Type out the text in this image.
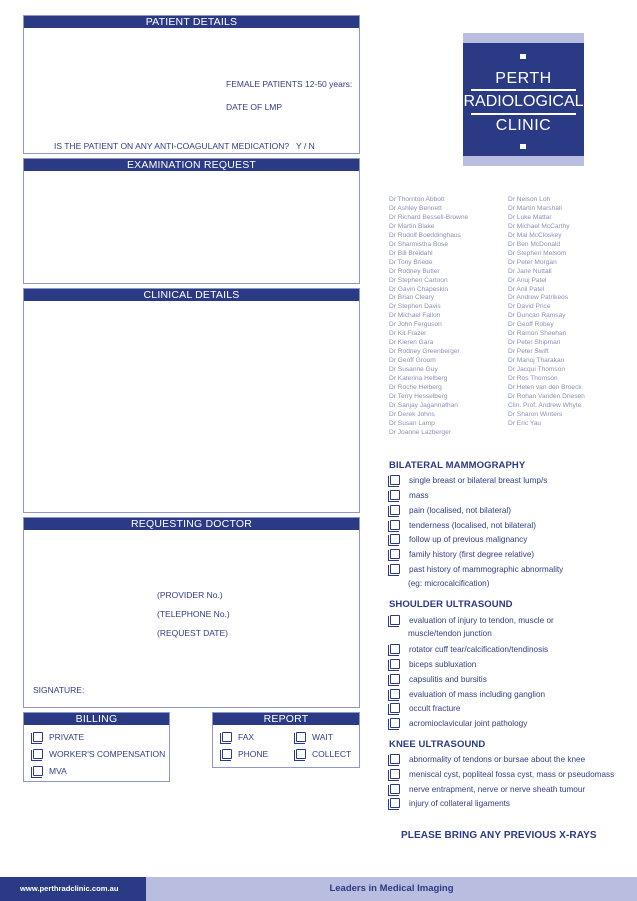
PATIENT DETAILS
FEMALE PATIENTS 12-50 years:
DATE OF LMP
IS THE PATIENT ON ANY ANTI-COAGULANT MEDICATION?   Y / N
EXAMINATION REQUEST
CLINICAL DETAILS
REQUESTING DOCTOR
(PROVIDER No.)
(TELEPHONE No.)
(REQUEST DATE)
SIGNATURE:
BILLING
PRIVATE
WORKER'S COMPENSATION
MVA
REPORT
FAX	WAIT
PHONE	COLLECT
PERTH
RADIOLOGICAL
CLINIC
Dr Thornton Abbott
Dr Ashley Bennett
Dr Richard Bessell-Browne
Dr Martin Blake
Dr Rudolf Boeddinghaus
Dr Sharmistha Bose
Dr Bill Breidahl
Dr Tony Briede
Dr Rodney Butler
Dr Stephen Cartoon
Dr Gavin Chapeskin
Dr Brian Cleary
Dr Stephen Davis
Dr Michael Fallon
Dr John Ferguson
Dr Kit Frazer
Dr Kieren Gara
Dr Rodney Greenberger
Dr Geoff Groom
Dr Susanne Guy
Dr Katerina Helberg
Dr Roche Helberg
Dr Terry Hesselberg
Dr Sanjay Jagannathan
Dr Derek Johns
Dr Susan Lamp
Dr Joanne Lazberger
Dr Nelson Loh
Dr Martin Marshall
Dr Luke Mattar
Dr Michael McCarthy
Dr Mal McCloskey
Dr Ben McDonald
Dr Stephen Melsom
Dr Peter Morgan
Dr Jane Nuttall
Dr Anuj Patel
Dr Anil Patel
Dr Andrew Patrikeos
Dr David Price
Dr Duncan Ramsay
Dr Geoff Robey
Dr Ramon Sheehan
Dr Peter Shipman
Dr Peter Swift
Dr Manoj Tharakan
Dr Jacqui Thomson
Dr Ros Thomson
Dr Helen van den Broeck
Dr Rohan Vanden Driesen
Clin. Prof. Andrew Whyte
Dr Sharon Winters
Dr Eric Yau
BILATERAL MAMMOGRAPHY
single breast or bilateral breast lump/s
mass
pain (localised, not bilateral)
tenderness (localised, not bilateral)
follow up of previous malignancy
family history (first degree relative)
past history of mammographic abnormality
(eg: microcalcification)
SHOULDER ULTRASOUND
evaluation of injury to tendon, muscle or
muscle/tendon junction
rotator cuff tear/calcification/tendinosis
biceps subluxation
capsulitis and bursitis
evaluation of mass including ganglion
occult fracture
acromioclavicular joint pathology
KNEE ULTRASOUND
abnormality of tendons or bursae about the knee
meniscal cyst, popliteal fossa cyst, mass or pseudomass
nerve entrapment, nerve or nerve sheath tumour
injury of collateral ligaments
PLEASE BRING ANY PREVIOUS X-RAYS
www.perthradclinic.com.au	Leaders in Medical Imaging
